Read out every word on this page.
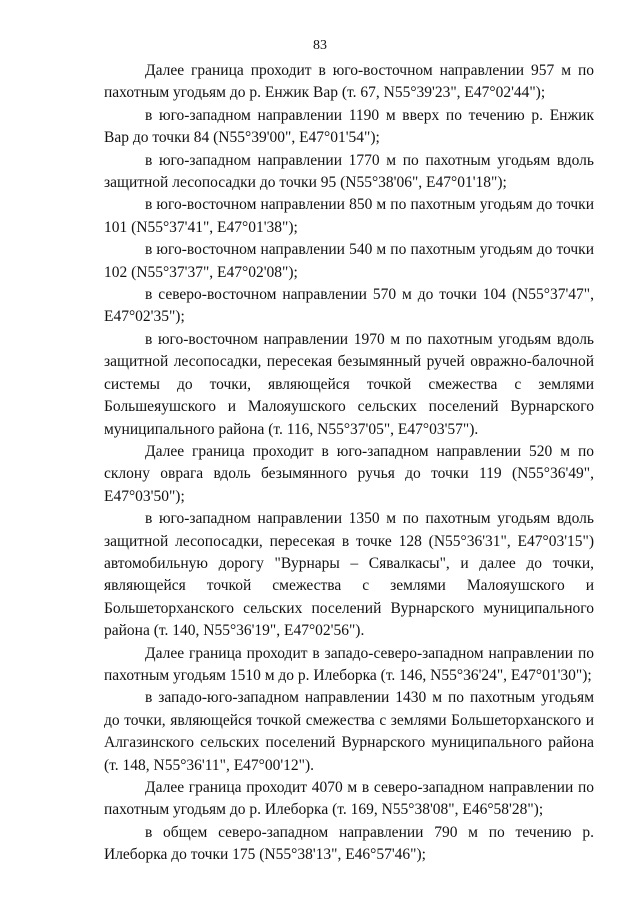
83

Далее граница проходит в юго-восточном направлении 957 м по пахотным угодьям до р. Енжик Вар (т. 67, N55°39'23", E47°02'44");

в юго-западном направлении 1190 м вверх по течению р. Енжик Вар до точки 84 (N55°39'00", E47°01'54");

в юго-западном направлении 1770 м по пахотным угодьям вдоль защитной лесопосадки до точки 95 (N55°38'06", E47°01'18");

в юго-восточном направлении 850 м по пахотным угодьям до точки 101 (N55°37'41", E47°01'38");

в юго-восточном направлении 540 м по пахотным угодьям до точки 102 (N55°37'37", E47°02'08");

в северо-восточном направлении 570 м до точки 104 (N55°37'47", E47°02'35");

в юго-восточном направлении 1970 м по пахотным угодьям вдоль защитной лесопосадки, пересекая безымянный ручей овражно-балочной системы до точки, являющейся точкой смежества с землями Большеяушского и Малояушского сельских поселений Вурнарского муниципального района (т. 116, N55°37'05", E47°03'57").

Далее граница проходит в юго-западном направлении 520 м по склону оврага вдоль безымянного ручья до точки 119 (N55°36'49", E47°03'50");

в юго-западном направлении 1350 м по пахотным угодьям вдоль защитной лесопосадки, пересекая в точке 128 (N55°36'31", E47°03'15") автомобильную дорогу "Вурнары – Сявалкасы", и далее до точки, являющейся точкой смежества с землями Малояушского и Большеторханского сельских поселений Вурнарского муниципального района (т. 140, N55°36'19", E47°02'56").

Далее граница проходит в западо-северо-западном направлении по пахотным угодьям 1510 м до р. Илеборка (т. 146, N55°36'24", E47°01'30");

в западо-юго-западном направлении 1430 м по пахотным угодьям до точки, являющейся точкой смежества с землями Большеторханского и Алгазинского сельских поселений Вурнарского муниципального района (т. 148, N55°36'11", E47°00'12").

Далее граница проходит 4070 м в северо-западном направлении по пахотным угодьям до р. Илеборка (т. 169, N55°38'08", E46°58'28");

в общем северо-западном направлении 790 м по течению р. Илеборка до точки 175 (N55°38'13", E46°57'46");
